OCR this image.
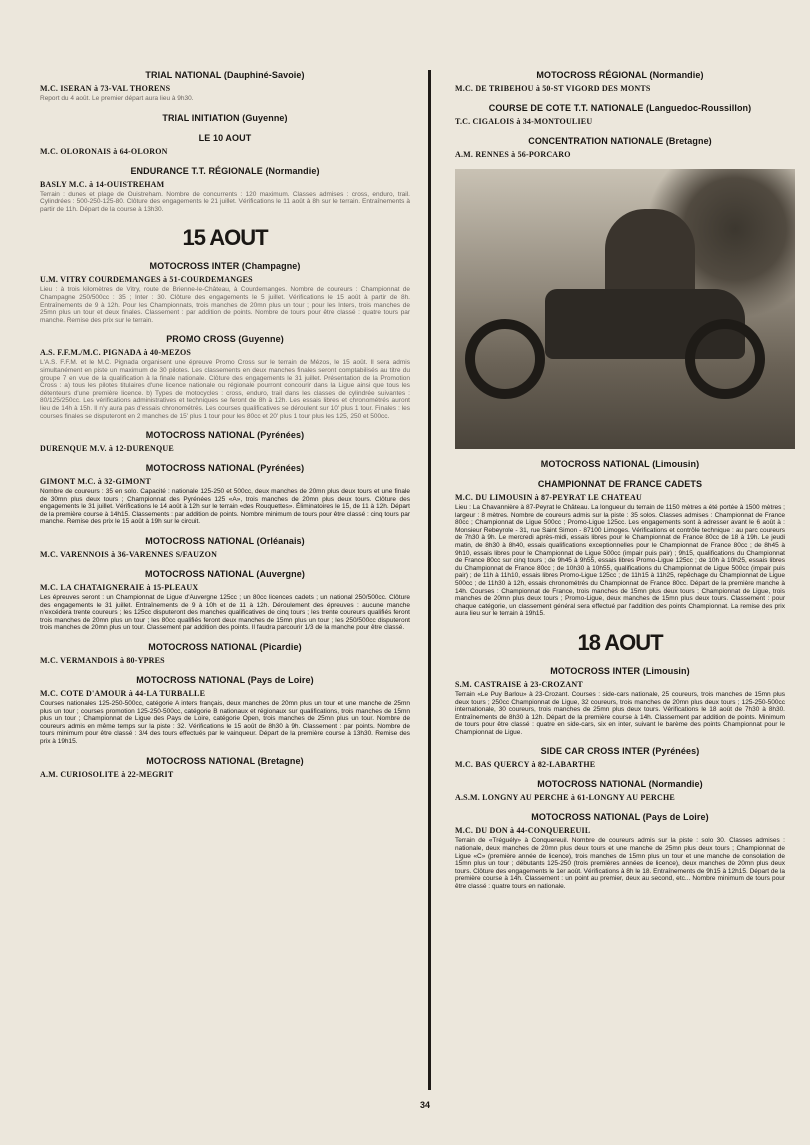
TRIAL NATIONAL (Dauphiné-Savoie)
M.C. ISERAN à 73-VAL THORENS
Report du 4 août. Le premier départ aura lieu à 9h30.
TRIAL INITIATION (Guyenne)
LE 10 AOUT
M.C. OLORONAIS à 64-OLORON
ENDURANCE T.T. RÉGIONALE (Normandie)
BASLY M.C. à 14-OUISTREHAM
Terrain : dunes et plage de Ouistreham. Nombre de concurrents : 120 maximum. Classes admises : cross, enduro, trail. Cylindrées : 500-250-125-80. Clôture des engagements le 21 juillet. Vérifications le 11 août à 8h sur le terrain. Entraînements à partir de 11h. Départ de la course à 13h30.
15 AOUT
MOTOCROSS INTER (Champagne)
U.M. VITRY COURDEMANGES à 51-COURDEMANGES
Lieu : à trois kilomètres de Vitry, route de Brienne-le-Château, à Courdemanges. Nombre de coureurs : Championnat de Champagne 250/500cc : 35 ; Inter : 30. Clôture des engagements le 5 juillet. Vérifications le 15 août à partir de 8h. Entraînements de 9 à 12h. Pour les Championnats, trois manches de 20mn plus un tour ; pour les Inters, trois manches de 25mn plus un tour et deux finales. Classement : par addition de points. Nombre de tours pour être classé : quatre tours par manche. Remise des prix sur le terrain.
PROMO CROSS (Guyenne)
A.S. F.F.M./M.C. PIGNADA à 40-MEZOS
L'A.S. F.F.M. et le M.C. Pignada organisent une épreuve Promo Cross sur le terrain de Mézos, le 15 août. Il sera admis simultanément en piste un maximum de 30 pilotes. Les classements en deux manches finales seront comptabilisés au titre du groupe 7 en vue de la qualification à la finale nationale. Clôture des engagements le 31 juillet. Présentation de la Promotion Cross : a) tous les pilotes titulaires d'une licence nationale ou régionale pourront concourir dans la Ligue ainsi que tous les détenteurs d'une première licence. b) Types de motocycles : cross, enduro, trail dans les classes de cylindrée suivantes : 80/125/250cc. Les vérifications administratives et techniques se feront de 8h à 12h. Les essais libres et chronométrés auront lieu de 14h à 15h. Il n'y aura pas d'essais chronométrés. Les courses qualificatives se déroulent sur 10' plus 1 tour. Finales : les courses finales se disputeront en 2 manches de 15' plus 1 tour pour les 80cc et 20' plus 1 tour plus les 125, 250 et 500cc.
MOTOCROSS NATIONAL (Pyrénées)
DURENQUE M.V. à 12-DURENQUE
MOTOCROSS NATIONAL (Pyrénées)
GIMONT M.C. à 32-GIMONT
Nombre de coureurs : 35 en solo. Capacité : nationale 125-250 et 500cc, deux manches de 20mn plus deux tours et une finale de 30mn plus deux tours ; Championnat des Pyrénées 125 «A», trois manches de 20mn plus deux tours. Clôture des engagements le 31 juillet. Vérifications le 14 août à 12h sur le terrain «des Rouquettes». Éliminatoires le 15, de 11 à 12h. Départ de la première course à 14h15. Classements : par addition de points. Nombre minimum de tours pour être classé : cinq tours par manche. Remise des prix le 15 août à 19h sur le circuit.
MOTOCROSS NATIONAL (Orléanais)
M.C. VARENNOIS à 36-VARENNES S/FAUZON
MOTOCROSS NATIONAL (Auvergne)
M.C. LA CHATAIGNERAIE à 15-PLEAUX
Les épreuves seront : un Championnat de Ligue d'Auvergne 125cc ; un 80cc licences cadets ; un national 250/500cc. Clôture des engagements le 31 juillet. Entraînements de 9 à 10h et de 11 à 12h. Déroulement des épreuves : aucune manche n'excédera trente coureurs ; les 125cc disputeront des manches qualificatives de cinq tours ; les trente coureurs qualifiés feront trois manches de 20mn plus un tour ; les 80cc qualifiés feront deux manches de 15mn plus un tour ; les 250/500cc disputeront trois manches de 20mn plus un tour. Classement par addition des points. Il faudra parcourir 1/3 de la manche pour être classé.
MOTOCROSS NATIONAL (Picardie)
M.C. VERMANDOIS à 80-YPRES
MOTOCROSS NATIONAL (Pays de Loire)
M.C. COTE D'AMOUR à 44-LA TURBALLE
Courses nationales 125-250-500cc, catégorie A inters français, deux manches de 20mn plus un tour et une manche de 25mn plus un tour ; courses promotion 125-250-500cc, catégorie B nationaux et régionaux sur qualifications, trois manches de 15mn plus un tour ; Championnat de Ligue des Pays de Loire, catégorie Open, trois manches de 25mn plus un tour. Nombre de coureurs admis en même temps sur la piste : 32. Vérifications le 15 août de 8h30 à 9h. Classement : par points. Nombre de tours minimum pour être classé : 3/4 des tours effectués par le vainqueur. Départ de la première course à 13h30. Remise des prix à 19h15.
MOTOCROSS NATIONAL (Bretagne)
A.M. CURIOSOLITE à 22-MEGRIT
MOTOCROSS RÉGIONAL (Normandie)
M.C. DE TRIBEHOU à 50-ST VIGORD DES MONTS
COURSE DE COTE T.T. NATIONALE (Languedoc-Roussillon)
T.C. CIGALOIS à 34-MONTOULIEU
CONCENTRATION NATIONALE (Bretagne)
A.M. RENNES à 56-PORCARO
MOTOCROSS NATIONAL (Limousin)
CHAMPIONNAT DE FRANCE CADETS
M.C. DU LIMOUSIN à 87-PEYRAT LE CHATEAU
Lieu : La Chavannière à 87-Peyrat le Château. La longueur du terrain de 1150 mètres a été portée à 1500 mètres ; largeur : 8 mètres. Nombre de coureurs admis sur la piste : 35 solos. Classes admises : Championnat de France 80cc ; Championnat de Ligue 500cc ; Promo-Ligue 125cc. Les engagements sont à adresser avant le 6 août à : Monsieur Rebeyrole - 31, rue Saint Simon - 87100 Limoges. Vérifications et contrôle technique : au parc coureurs de 7h30 à 9h. Le mercredi après-midi, essais libres pour le Championnat de France 80cc de 18 à 19h. Le jeudi matin, de 8h30 à 8h40, essais qualifications exceptionnelles pour le Championnat de France 80cc ; de 8h45 à 9h10, essais libres pour le Championnat de Ligue 500cc (impair puis pair) ; 9h15, qualifications du Championnat de France 80cc sur cinq tours ; de 9h45 à 9h55, essais libres Promo-Ligue 125cc ; de 10h à 10h25, essais libres du Championnat de France 80cc ; de 10h30 à 10h55, qualifications du Championnat de Ligue 500cc (impair puis pair) ; de 11h à 11h10, essais libres Promo-Ligue 125cc ; de 11h15 à 11h25, repêchage du Championnat de Ligue 500cc ; de 11h30 à 12h, essais chronométrés du Championnat de France 80cc. Départ de la première manche à 14h. Courses : Championnat de France, trois manches de 15mn plus deux tours ; Championnat de Ligue, trois manches de 20mn plus deux tours ; Promo-Ligue, deux manches de 15mn plus deux tours. Classement : pour chaque catégorie, un classement général sera effectué par l'addition des points Championnat. La remise des prix aura lieu sur le terrain à 19h15.
18 AOUT
MOTOCROSS INTER (Limousin)
S.M. CASTRAISE à 23-CROZANT
Terrain «Le Puy Barlou» à 23-Crozant. Courses : side-cars nationale, 25 coureurs, trois manches de 15mn plus deux tours ; 250cc Championnat de Ligue, 32 coureurs, trois manches de 20mn plus deux tours ; 125-250-500cc internationale, 30 coureurs, trois manches de 25mn plus deux tours. Vérifications le 18 août de 7h30 à 8h30. Entraînements de 8h30 à 12h. Départ de la première course à 14h. Classement par addition de points. Minimum de tours pour être classé : quatre en side-cars, six en inter, suivant le barème des points Championnat pour le Championnat de Ligue.
SIDE CAR CROSS INTER (Pyrénées)
M.C. BAS QUERCY à 82-LABARTHE
MOTOCROSS NATIONAL (Normandie)
A.S.M. LONGNY AU PERCHE à 61-LONGNY AU PERCHE
MOTOCROSS NATIONAL (Pays de Loire)
M.C. DU DON à 44-CONQUEREUIL
Terrain de «Tréguély» à Conquereuil. Nombre de coureurs admis sur la piste : solo 30. Classes admises : nationale, deux manches de 20mn plus deux tours et une manche de 25mn plus deux tours ; Championnat de Ligue «C» (première année de licence), trois manches de 15mn plus un tour et une manche de consolation de 15mn plus un tour ; débutants 125-250 (trois premières années de licence), deux manches de 20mn plus deux tours. Clôture des engagements le 1er août. Vérifications à 8h le 18. Entraînements de 9h15 à 12h15. Départ de la première course à 14h. Classement : un point au premier, deux au second, etc... Nombre minimum de tours pour être classé : quatre tours en nationale.
34
